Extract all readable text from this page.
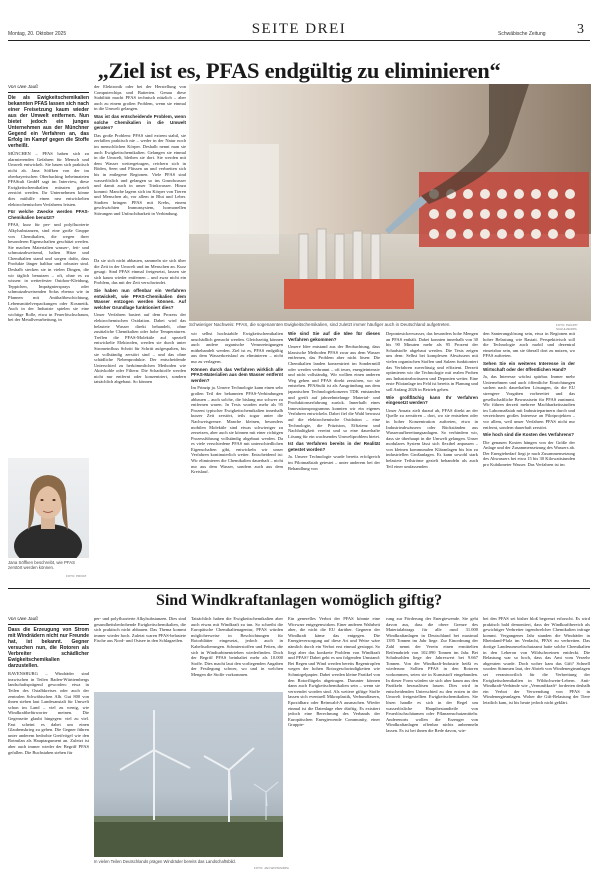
Montag, 20. Oktober 2025	SEITE DREI	Schwäbische Zeitung 3
„Ziel ist es, PFAS endgültig zu eliminieren“

Von Uwe Jauß

Die als Ewigkeitschemikalien bekannten PFAS lassen sich nach einer Freisetzung kaum wieder aus der Umwelt entfernen. Nun bietet jedoch ein junges Unternehmen aus der Münchner Gegend ein Verfahren an, das Erfolg im Kampf gegen die Stoffe verheißt.

MÜNCHEN – PFAS haben sich zu alarmierenden Gefahren für Mensch und Umwelt entwickelt. Sie basen sich praktisch nicht ab. Jana Söffken von der im oberbayerischen Oberhaching beheimateten PFAStuli GmbH sagt im Interview, diese Ewigkeitschemikalien müssten gezielt zerstört werden. Ihr Unternehmen könne dies mithilfe einen neu entwickelten elektrochemischen Verfahrens leisten.

Für welche Zwecke werden PFAS-Chemikalien benutzt?

PFAS, kurz für per- und polyfluorierte Alkylsubstanzen, sind eine große Gruppe von Chemikalien, die wegen ihrer besonderen Eigenschaften geschätzt werden. Sie machen Materialien wasser-, fett- und schmutzabweisend, halten Hitze und Chemikalien stand und sorgen dafür, dass Produkte länger haltbar und robuster sind. Deshalb stecken sie in vielen Dingen, die wir täglich benutzen – oft, ohne es zu wissen: in wetterfester Outdoor-Kleidung, Teppichen, Imprägniersprays oder schmutzabweisenden Sofas ebenso wie in Pfannen mit Antihaftbeschichtung, Lebensmittelverpackungen oder Kosmetik. Auch in der Industrie spielen sie eine wichtige Rolle, etwa in Feuerlöschschaum, bei der Metallverarbeitung, in

Jana Söffken beschreibt, wie PFAS zerstört werden können.
FOTO: PRIVAT

der Elektronik oder bei der Herstellung von Computerchips und Batterien. Genau diese Stabilität macht PFAS technisch nützlich – aber auch zu einem großen Problem, wenn sie einmal in die Umwelt gelangen.

Was ist das entscheidende Problem, wenn solche Chemikalien in die Umwelt geraten?

Das große Problem: PFAS sind extrem stabil, sie zerfallen praktisch nie – weder in der Natur noch im menschlichen Körper. Deshalb nennt man sie auch Ewigkeitschemikalien. Gelangen sie einmal in die Umwelt, bleiben sie dort. Sie werden mit dem Wasser weitergetragen, reichern sich in Böden, Seen und Flüssen an und verbreiten sich bis in entlegene Regionen. Viele PFAS sind wasserlöslich und gelangen so ins Grundwasser und damit auch in unser Trinkwasser. Hinzu kommt: Manche lagern sich im Körper von Tieren und Menschen ab, vor allem in Blut und Leber. Studien bringen PFAS mit Krebs, einem geschwächten Immunsystem, hormonellen Störungen und Unfruchtbarkeit in Verbindung.

Schwieriger Nachweis: PFAS, die sogenannten Ewigkeitschemikalien, sind zuletzt immer häufiger auch in Deutschland aufgetreten.	FOTO: PHILIPP SCHULZE/DPA

Da sie sich nicht abbauen, sammeln sie sich über die Zeit in der Umwelt und im Menschen an. Kurz gesagt: Sind PFAS einmal freigesetzt, lassen sie sich kaum wieder entfernen – und zwar nicht ein Problem, das mit der Zeit verschwindet.

Sie haben nun offenbar ein Verfahren entwickelt, wie PFAS-Chemikalien dem Wasser entzogen werden können. Auf welcher Grundlage funktioniert dies?

Unser Verfahren basiert auf dem Prozess der elektrochemischen Oxidation. Dabei wird das belastete Wasser direkt behandelt, ohne zusätzliche Chemikalien oder hohe Temperaturen. Treffen die PFAS-Moleküle auf speziell entwickelte Elektroden, werden sie durch unter Stromeinfluss Schritt für Schritt aufgespalten, bis sie vollständig zerstört sind – und das ohne schädliche Nebenprodukte. Der entscheidende Unterschied zu herkömmlichen Methoden wie Aktivkohle oder Filtern: Die Schadstoffe werden nicht nur entfernt oder konzentriert, sondern tatsächlich abgebaut. So können

wir selbst hochstabile Ewigkeitschemikalien unschädlich gemacht werden. Gleichzeitig können auch andere organische Verunreinigungen mitbehandelt werden. Ziel ist es, PFAS endgültig aus dem Wasserkreislauf zu eliminieren – nicht nur zu verlagern.

Können durch das Verfahren wirklich alle PFAS-Materialien aus dem Wasser entfernt werden?

Im Prinzip ja. Unsere Technologie kann einen sehr großen Teil der bekannten PFAS-Verbindungen abbauen – auch solche, die bislang nur schwer zu entfernen waren. In Tests wurden mehr als 95 Prozent typischer Ewigkeitschemikalien innerhalb kurzer Zeit zerstört, teils sogar unter die Nachweisgrenze. Manche kleinen, besonders mobilen Moleküle sind etwas schwieriger zu zersetzen, aber auch sie können mit einer richtigen Prozessführung vollständig abgebaut werden. Da es viele verschiedene PFAS mit unterschiedlichen Eigenschaften gibt, entwickeln wir unser Verfahren kontinuierlich weiter. Entscheidend ist: Wir eliminieren die Chemikalien dauerhaft – nicht nur aus dem Wasser, sondern auch aus dem Kreislauf.

Wie sind Sie auf die Idee für dieses Verfahren gekommen?

Unsere Idee entstand aus der Beobachtung, dass klassische Methoden PFAS zwar aus dem Wasser entfernen, das Problem aber nicht lösen: Die Chemikalien landen konzentriert im Sondermüll oder werden verbrannt – oft teuer, energieintensiv und nicht vollständig. Wir wollten einen anderen Weg gehen und PFAS direkt zerstören, wo sie entstehen. PFAStulii ist als Ausgründung aus dem japanischen Technologiekonzern TDK entstanden und greift auf jahrzehntelange Material- und Produktionserfahrung zurück. Innerhalb eines Innovationsprogramms konnten wir ein eigenes Verfahren entwickeln. Dabei fiel die Wahl bewusst auf die elektrochemische Oxidation – eine Technologie, die Präzision, Effizienz und Nachhaltigkeit vereint und so eine dauerhafte Lösung für ein wachsendes Umweltproblem bietet.

Ist das Verfahren bereits in der Realität getestet worden?

Ja. Unsere Technologie wurde bereits erfolgreich im Pilotmaßstab getestet – unter anderem bei der Behandlung von

Deponiesickerwasser, das besonders hohe Mengen an PFAS enthält. Dabei konnten innerhalb von 30 bis 90 Minuten mehr als 95 Prozent der Schadstoffe abgebaut werden. Die Tests zeigen uns dem: Selbst bei komplexen Abwässern mit vielen organischen Stoffen und Salzen funktioniert das Verfahren zuverlässig und effizient. Derzeit optimieren wir die Technologie mit realen Proben aus Industrieabwässern und Deponien weiter. Eine erste Pilotanlage im Feld ist bereits in Planung und soll Anfang 2026 in Betrieb gehen.

Wie großflächig kann Ihr Verfahren eingesetzt werden?

Unser Ansatz zielt darauf ab, PFAS direkt an der Quelle zu zerstören – dort, wo sie entstehen oder in hoher Konzentration auftreten, etwa in Industrieabwässern oder Rückständen aus Wasseraufbereitungsanlagen. So verhindern wir, dass sie überhaupt in die Umwelt gelangen. Unser modulares System lässt sich flexibel anpassen – von kleinen kommunalen Kläranlagen bis hin zu industriellen Großanlagen. Es kann sowohl stark belastete Teilströme gezielt behandeln als auch Teil einer umfassenden

den Sanierungslösung sein, etwa in Regionen mit hoher Belastung wie Rastatt. Perspektivisch soll die Technologie auch mobil und dezentral einsetzbar sein, um sie überall dort zu nutzen, wo PFAS auftreten.

Sehen Sie ein weiteres Interesse in der Wirtschaft oder der öffentlichen Hand?

Ja, das Interesse wächst spürbar. Immer mehr Unternehmen und auch öffentliche Einrichtungen suchen nach dauerhaften Lösungen, da die EU strengere Vorgaben vorbereitet und das gesellschaftliche Bewusstsein für PFAS zunimmt. Wir führen derzeit mehrere Machbarkeitsstudien im Labormaßstab mit Industriepartnern durch und verzeichnen großes Interesse an Pilotprojekten – vor allem, weil unser Verfahren PFAS nicht nur entfernt, sondern dauerhaft zerstört.

Wie hoch sind die Kosten des Verfahrens?

Die genauen Kosten hängen von der Größe der Anlage und der Zusammensetzung des Wassers ab. Der Energiebedarf liegt je nach Zusammensetzung des Abwassers bei etwa 15 bis 30 Kilowattstunden pro Kubikmeter Wasser. Das Verfahren ist im

Sind Windkraftanlagen womöglich giftig?

Von Uwe Jauß

Dass die Erzeugung von Strom mit Windrädern nicht nur Freunde hat, ist bekannt. Gegner versuchen nun, die Rotoren als Verbreiter schädlicher Ewigkeitschemikalien darzustellen.

RAVENSBURG – Windräder sind inzwischen in Teilen Baden-Württembergs landschaftsprägend geworden: etwa in Teilen des Ostalbkreises oder auch der zentralen Schwäbischen Alb. Gut 800 von ihnen stehen laut Landesanstalt für Umwelt schon im Land – viel zu wenig, wie Windkraftbefürworter meinen. Die Gegenseite glaubt hingegen: viel zu viel. Fast scheint es dabei um einen Glaubenskrieg zu gehen. Die Gegner führen unter anderem bedrohte Greifvögel wie den Rotmilan als Hauptargument an. Zuletzt ist aber auch immer wieder der Begriff PFAS gefallen. Die Buchstaben stehen für

per- und polyfluorierte Alkylsubstanzen. Dies sind gesundheitsbedrohende Ewigkeitschemikalien, die sich praktisch nicht abbauen. Das Thema kommt immer wieder hoch. Zuletzt waren PFAS-belastete Fische aus Nord- und Ostsee in den Schlagzeilen.

Tatsächlich haben die Ewigkeitschemikalien aber auch etwas mit Windkraft zu tun. So schreibt die Europäische Chemikalienagentur, PFAS würden möglicherweise in Beschichtungen für Rotorblätter eingesetzt, jedoch auch in Kabelisolierungen. Schmierstoffen und Fetten, die sich in Windturbinentrieben wiederfinden. Doch der Begriff PFAS beinhaltet mehr als 10.000 Stoffe. Dies macht laut den vorliegenden Angaben der Festlegung schwer, wo und in welchen Mengen die Stoffe vorkommen.

Ein generelles Verbot der PFAS könnte eine Wirrwarr entgegenwirken. Einer anderen Wahrheit aber, die nicht die EU darüber. Gegnern der Windkraft käme das entgegen. Die Energieversorgung auf diese Art und Weise wäre nämlich durch ein Verbot erst einmal gestoppt. So liegt aber das konkrete Problem von Windkraft und PFAS? Dabei geht es um folgenden Umstand: Bei Regen und Wind werden bereits Regentropfen wegen der hohen Rotorgeschwindigkeiten wie Schmirgelpapier. Dabei werden kleine Partikel von den Rotorflügeln abgetragen. Darunter können dann auch Ewigkeitschemikalien sein – wenn sie verwendet worden sind. Als weitere giftige Stoffe lassen sich eventuell Mikroplastik, Verbundfasern, Epoxidharz oder Reinwald-A ausmachen. Wieder einmal ist die Datenlage eher dürftig. Es existiert jedoch eine Berechnung des Verbands der Europäischen Energiewende Community, einer Gruppie-

rung zur Förderung der Energiewende. Sie geht davon aus, dass die obere Grenze des Materialabtrags für alle rund 31.000 Windkraftanlagen in Deutschland bei maximal 1395 Tonnen im Jahr liege. Zur Einordnung der Zahl nennt der Verein einen ermittelten Reifenabrieb von 102.090 Tonnen im Jahr. Bei Schuhsohlen liege der Jahreswert bei 9.667 Tonnen. Von der Windkraft-Industrie heißt es wiederum: Sollten PFAS in den Rotoren vorkommen, seien sie in Kunststoff eingebunden. In dieser Form würden sie sich aber kaum aus den Partikeln herauslösen lassen. Dies wird in entscheidenden Unterschied zu den ersten in der Umwelt freigestellten Ewigkeitschemikalien. Sie lösen handle es sich in der Regel um wasserlösliche Hauptbestandteile von Feuerlöschschäumen oder Pflanzenschutzmitteln. Anderenorts wollen die Erzeuger von Windkraftanlagen offenbar nichts anbrenneln lassen. Es ist bei ihnen die Rede davon, wie-

bei den PFAS sei bisher bloß begrenzt erforscht. Es wird praktisch bald demontiert, dass der Windkraftbereich als gewichtiger Verbreiter irgendwelcher Chemikalien infrage kommt. Vergangenes Jahr standen die Windräder in Rheinland-Pfalz im Verdacht, PFAS zu verbreiten. Das dortige Landesumweltschutzamt hatte solche Chemikalien in den Leberon von Wildschweinen entdeckt. Die Belastung war so hoch, dass das Amt vom Verzehr abgeraten wurde. Doch woher kam das Gift? Schnell wurden Stimmen laut, der Abrieb von Windenergieanlagen sei verantwortlich für die Verbreitung der Ewigkeitschemikalien in Wildschwein-Lebern. Anti-Windkraft-Verbände wie „Vernunftkraft“ forderten deshalb ein Verbot der Verwendung von PFAS in Windenergieanlagen. Woher die Gift-Belastung der Tiere letztlich kam, ist bis heute jedoch nicht geklärt.

In vielen Teilen Deutschlands prägen Windräder bereits das Landschaftsbild.
FOTO: JAN WOITAS/DPA
